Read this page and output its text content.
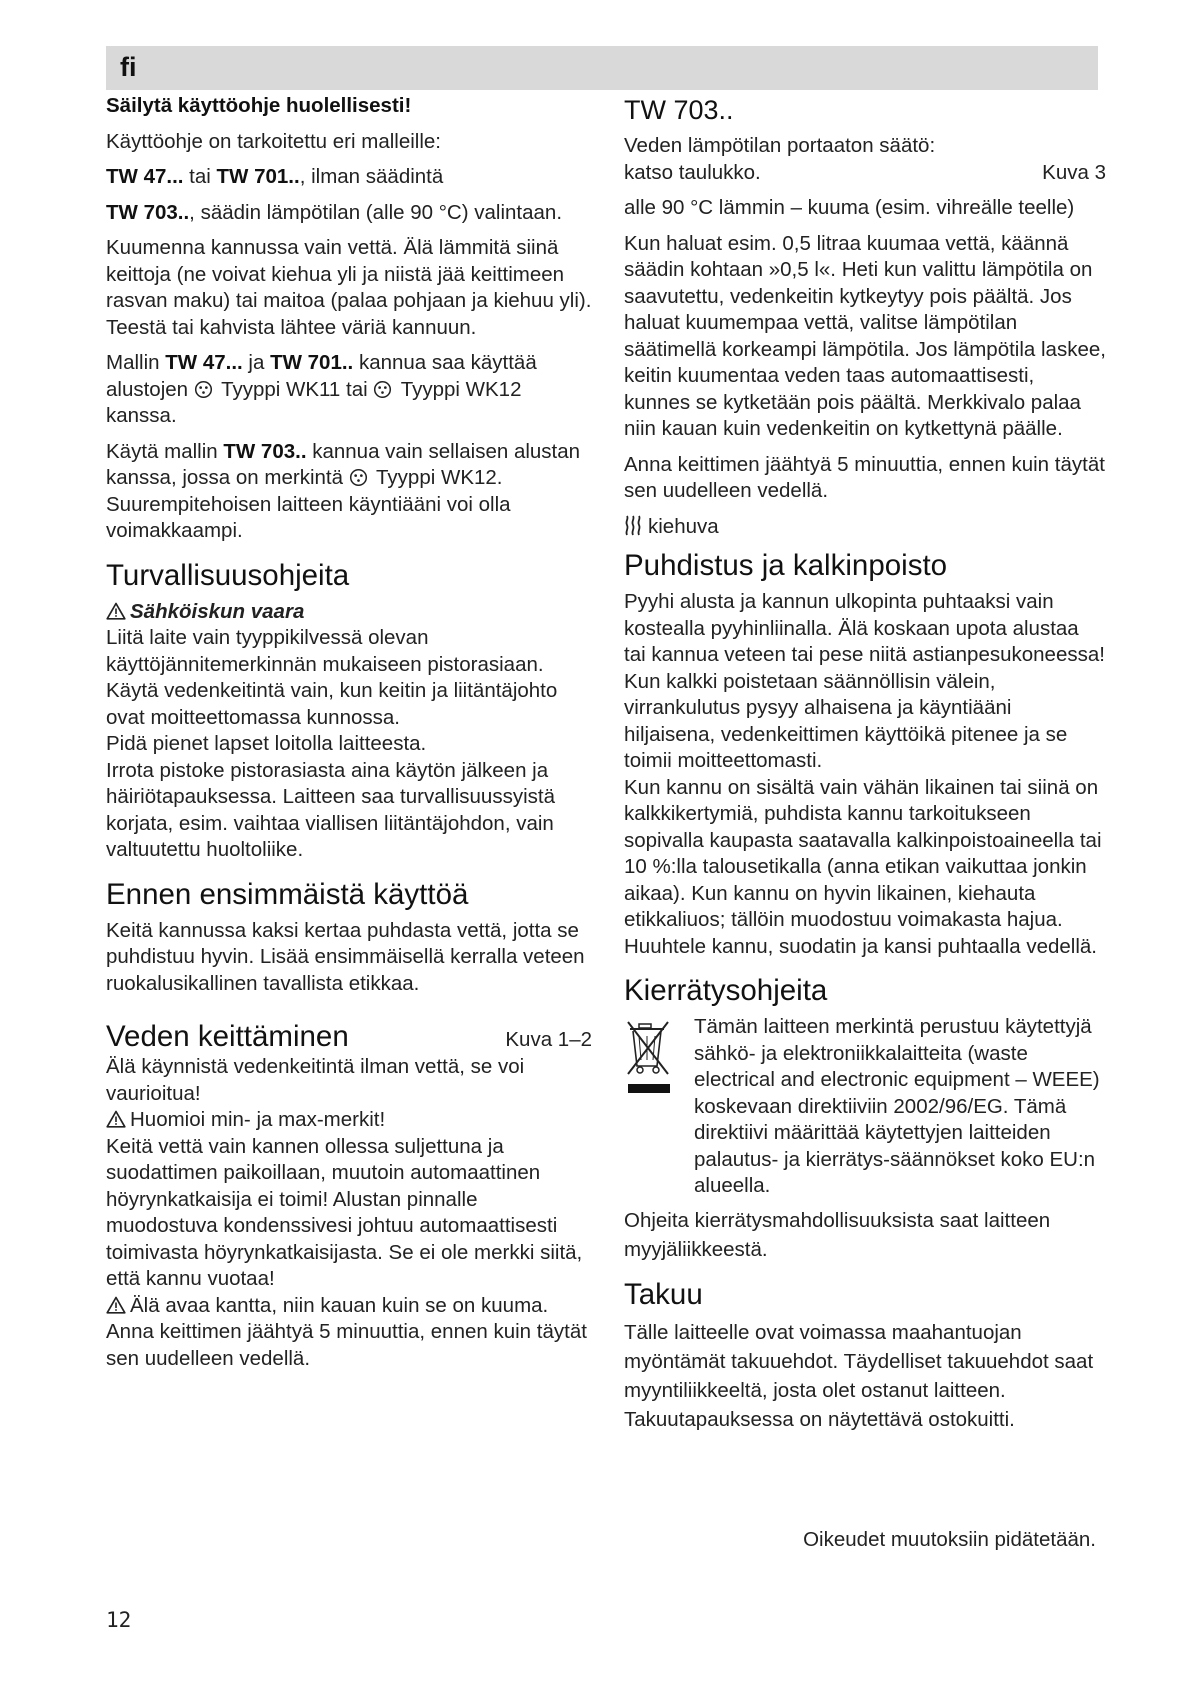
fi

Säilytä käyttöohje huolellisesti!

Käyttöohje on tarkoitettu eri malleille:

TW 47... tai TW 701.., ilman säädintä

TW 703.., säädin lämpötilan (alle 90 °C) valintaan.

Kuumenna kannussa vain vettä. Älä lämmitä siinä keittoja (ne voivat kiehua yli ja niistä jää keittimeen rasvan maku) tai maitoa (palaa pohjaan ja kiehuu yli). Teestä tai kahvista lähtee väriä kannuun.

Mallin TW 47... ja TW 701.. kannua saa käyttää alustojen  Tyyppi WK11 tai  Tyyppi WK12 kanssa.

Käytä mallin TW 703.. kannua vain sellaisen alustan kanssa, jossa on merkintä  Tyyppi WK12.

Suurempitehoisen laitteen käyntiääni voi olla voimakkaampi.

Turvallisuusohjeita

Sähköiskun vaara

Liitä laite vain tyyppikilvessä olevan käyttöjännitemerkinnän mukaiseen pistorasiaan. Käytä vedenkeitintä vain, kun keitin ja liitäntäjohto ovat moitteettomassa kunnossa.

Pidä pienet lapset loitolla laitteesta.

Irrota pistoke pistorasiasta aina käytön jälkeen ja häiriötapauksessa. Laitteen saa turvallisuussyistä korjata, esim. vaihtaa viallisen liitäntäjohdon, vain valtuutettu huoltoliike.

Ennen ensimmäistä käyttöä

Keitä kannussa kaksi kertaa puhdasta vettä, jotta se puhdistuu hyvin. Lisää ensimmäisellä kerralla veteen ruokalusikallinen tavallista etikkaa.

Veden keittäminen	Kuva 1–2

Älä käynnistä vedenkeitintä ilman vettä, se voi vaurioitua!

Huomioi min- ja max-merkit!

Keitä vettä vain kannen ollessa suljettuna ja suodattimen paikoillaan, muutoin automaattinen höyrynkatkaisija ei toimi! Alustan pinnalle muodostuva kondenssivesi johtuu automaattisesti toimivasta höyrynkatkaisijasta. Se ei ole merkki siitä, että kannu vuotaa!

Älä avaa kantta, niin kauan kuin se on kuuma.

Anna keittimen jäähtyä 5 minuuttia, ennen kuin täytät sen uudelleen vedellä.

TW 703..

Veden lämpötilan portaaton säätö:

katso taulukko.	Kuva 3

alle 90 °C lämmin – kuuma (esim. vihreälle teelle)

Kun haluat esim. 0,5 litraa kuumaa vettä, käännä säädin kohtaan »0,5 l«. Heti kun valittu lämpötila on saavutettu, vedenkeitin kytkeytyy pois päältä. Jos haluat kuumempaa vettä, valitse lämpötilan säätimellä korkeampi lämpötila. Jos lämpötila laskee, keitin kuumentaa veden taas automaattisesti, kunnes se kytketään pois päältä. Merkkivalo palaa niin kauan kuin vedenkeitin on kytkettynä päälle.

Anna keittimen jäähtyä 5 minuuttia, ennen kuin täytät sen uudelleen vedellä.

kiehuva

Puhdistus ja kalkinpoisto

Pyyhi alusta ja kannun ulkopinta puhtaaksi vain kostealla pyyhinliinalla. Älä koskaan upota alustaa tai kannua veteen tai pese niitä astianpesukoneessa!

Kun kalkki poistetaan säännöllisin välein, virrankulutus pysyy alhaisena ja käyntiääni hiljaisena, vedenkeittimen käyttöikä pitenee ja se toimii moitteettomasti.

Kun kannu on sisältä vain vähän likainen tai siinä on kalkkikertymiä, puhdista kannu tarkoitukseen sopivalla kaupasta saatavalla kalkinpoistoaineella tai 10 %:lla talousetikalla (anna etikan vaikuttaa jonkin aikaa). Kun kannu on hyvin likainen, kiehauta etikkaliuos; tällöin muodostuu voimakasta hajua. Huuhtele kannu, suodatin ja kansi puhtaalla vedellä.

Kierrätysohjeita

Tämän laitteen merkintä perustuu käytettyjä sähkö- ja elektroniikkalaitteita (waste electrical and electronic equipment – WEEE) koskevaan direktiiviin 2002/96/EG. Tämä direktiivi määrittää käytettyjen laitteiden palautus- ja kierrätys-säännökset koko EU:n alueella.

Ohjeita kierrätysmahdollisuuksista saat laitteen myyjäliikkeestä.

Takuu

Tälle laitteelle ovat voimassa maahantuojan myöntämät takuuehdot. Täydelliset takuuehdot saat myyntiliikkeeltä, josta olet ostanut laitteen. Takuutapauksessa on näytettävä ostokuitti.

Oikeudet muutoksiin pidätetään.
12
